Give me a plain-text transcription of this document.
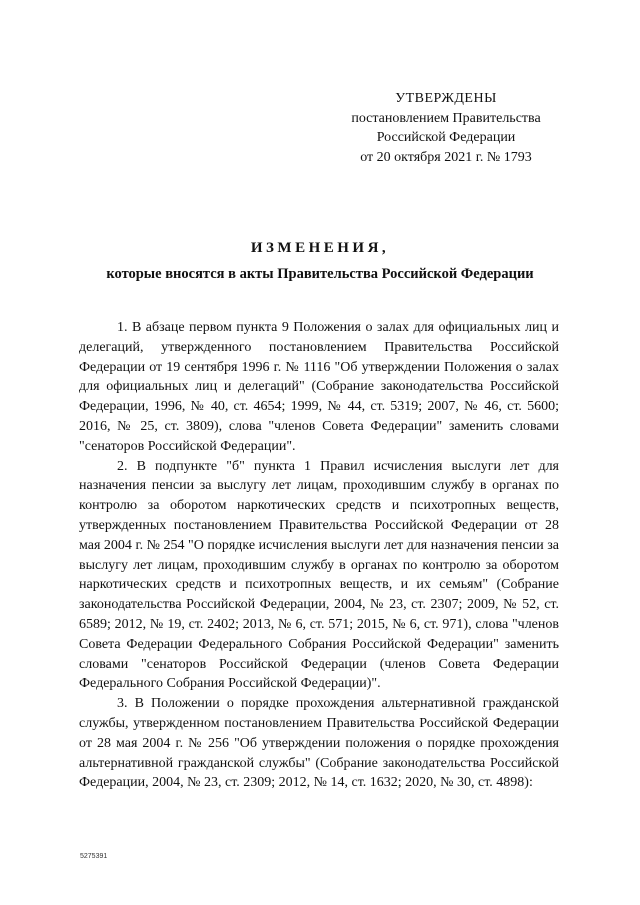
УТВЕРЖДЕНЫ
постановлением Правительства
Российской Федерации
от 20 октября 2021 г. № 1793
ИЗМЕНЕНИЯ,
которые вносятся в акты Правительства Российской Федерации

1. В абзаце первом пункта 9 Положения о залах для официальных лиц и делегаций, утвержденного постановлением Правительства Российской Федерации от 19 сентября 1996 г. № 1116 "Об утверждении Положения о залах для официальных лиц и делегаций" (Собрание законодательства Российской Федерации, 1996, № 40, ст. 4654; 1999, № 44, ст. 5319; 2007, № 46, ст. 5600; 2016, № 25, ст. 3809), слова "членов Совета Федерации" заменить словами "сенаторов Российской Федерации".

2. В подпункте "б" пункта 1 Правил исчисления выслуги лет для назначения пенсии за выслугу лет лицам, проходившим службу в органах по контролю за оборотом наркотических средств и психотропных веществ, утвержденных постановлением Правительства Российской Федерации от 28 мая 2004 г. № 254 "О порядке исчисления выслуги лет для назначения пенсии за выслугу лет лицам, проходившим службу в органах по контролю за оборотом наркотических средств и психотропных веществ, и их семьям" (Собрание законодательства Российской Федерации, 2004, № 23, ст. 2307; 2009, № 52, ст. 6589; 2012, № 19, ст. 2402; 2013, № 6, ст. 571; 2015, № 6, ст. 971), слова "членов Совета Федерации Федерального Собрания Российской Федерации" заменить словами "сенаторов Российской Федерации (членов Совета Федерации Федерального Собрания Российской Федерации)".

3. В Положении о порядке прохождения альтернативной гражданской службы, утвержденном постановлением Правительства Российской Федерации от 28 мая 2004 г. № 256 "Об утверждении положения о порядке прохождения альтернативной гражданской службы" (Собрание законодательства Российской Федерации, 2004, № 23, ст. 2309; 2012, № 14, ст. 1632; 2020, № 30, ст. 4898):

5275391
